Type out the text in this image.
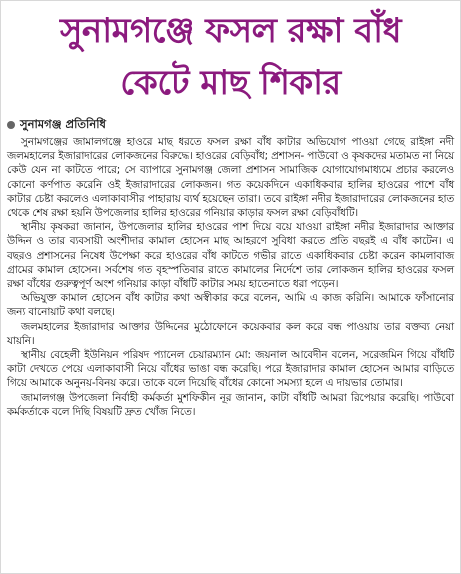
সুনামগঞ্জে ফসল রক্ষা বাঁধ
কেটে মাছ শিকার
সুনামগঞ্জ প্রতিনিধি

সুনামগঞ্জের জামালগঞ্জে হাওরে মাছ ধরতে ফসল রক্ষা বাঁধ কাটার অভিযোগ পাওয়া গেছে রাইঙ্গা নদী জলমহালের ইজারাদারের লোকজনের বিরুদ্ধে। হাওরের বেড়িবাঁধ; প্রশাসন- পাউবো ও কৃষকদের মতামত না নিয়ে কেউ যেন না কাটতে পারে; সে ব্যাপারে সুনামগঞ্জ জেলা প্রশাসন সামাজিক যোগাযোগমাধ্যমে প্রচার করলেও কোনো কর্ণপাত করেনি ওই ইজারাদারের লোকজন। গত কয়েকদিনে একাধিকবার হালির হাওরের পাশে বাঁধ কাটার চেষ্টা করলেও এলাকাবাসীর পাহারায় ব্যর্থ হয়েছেন তারা। তবে রাইঙ্গা নদীর ইজারাদারের লোকজনের হাত থেকে শেষ রক্ষা হয়নি উপজেলার হালির হাওরের গনিয়ার কাড়ার ফসল রক্ষা বেড়িবাঁধটি।

স্থানীয় কৃষকরা জানান, উপজেলার হালির হাওরের পাশ দিয়ে বয়ে যাওয়া রাইঙ্গা নদীর ইজারাদার আক্তার উদ্দিন ও তার ব্যবসায়ী অংশীদার কামাল হোসেন মাছ আহরণে সুবিধা করতে প্রতি বছরই এ বাঁধ কাটেন। এ বছরও প্রশাসনের নিষেধ উপেক্ষা করে হাওরের বাঁধ কাটতে গভীর রাতে একাধিকবার চেষ্টা করেন কামলাবাজ গ্রামের কামাল হোসেন। সর্বশেষ গত বৃহস্পতিবার রাতে কামালের নির্দেশে তার লোকজন হালির হাওরের ফসল রক্ষা বাঁধের গুরুত্বপূর্ণ অংশ গনিয়ার কাড়া বাঁধটি কাটার সময় হাতেনাতে ধরা পড়েন।

অভিযুক্ত কামাল হোসেন বাঁধ কাটার কথা অস্বীকার করে বলেন, আমি এ কাজ করিনি। আমাকে ফাঁসানোর জন্য বানোয়াট কথা বলছে।

জলমহালের ইজারাদার আক্তার উদ্দিনের মুঠোফোনে কয়েকবার কল করে বন্ধ পাওয়ায় তার বক্তব্য নেয়া যায়নি।

স্থানীয় বেহেলী ইউনিয়ন পরিষদ প্যানেল চেয়ারম্যান মো: জয়নাল আবেদীন বলেন, সরেজমিন গিয়ে বাঁধটি কাটা দেখতে পেয়ে এলাকাবাসী নিয়ে বাঁধের ভাঙা বন্ধ করেছি। পরে ইজারাদার কামাল হোসেন আমার বাড়িতে গিয়ে আমাকে অনুনয়-বিনয় করে। তাকে বলে দিয়েছি বাঁধের কোনো সমস্যা হলে এ দায়ভার তোমার।

জামালগঞ্জ উপজেলা নির্বাহী কর্মকর্তা মুশফিকীন নূর জানান, কাটা বাঁধটি আমরা রিপেয়ার করেছি। পাউবো কর্মকর্তাকে বলে দিছি বিষয়টি দ্রুত খোঁজ নিতে।
